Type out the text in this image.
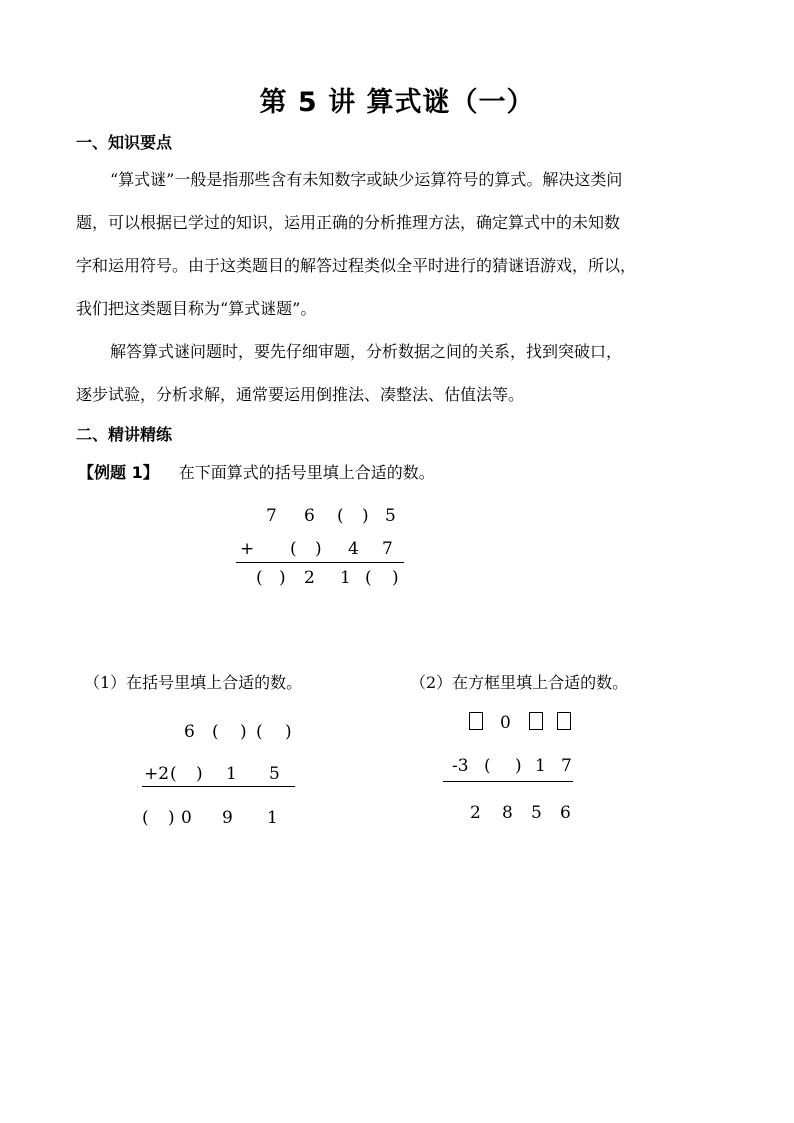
第 5 讲 算式谜（一）
一、知识要点
“算式谜”一般是指那些含有未知数字或缺少运算符号的算式。解决这类问
题，可以根据已学过的知识，运用正确的分析推理方法，确定算式中的未知数
字和运用符号。由于这类题目的解答过程类似全平时进行的猜谜语游戏，所以，
我们把这类题目称为“算式谜题”。
解答算式谜问题时，要先仔细审题，分析数据之间的关系，找到突破口，
逐步试验，分析求解，通常要运用倒推法、凑整法、估值法等。
二、精讲精练
【例题 1】 在下面算式的括号里填上合适的数。
7 6 ( ) 5
+ ( ) 4 7
( ) 2 1 ( )
（1）在括号里填上合适的数。
6 ( ) ( )
+2 ( ) 1 5
( ) 0 9 1
（2）在方框里填上合适的数。
0
-3 ( ) 1 7
2 8 5 6
